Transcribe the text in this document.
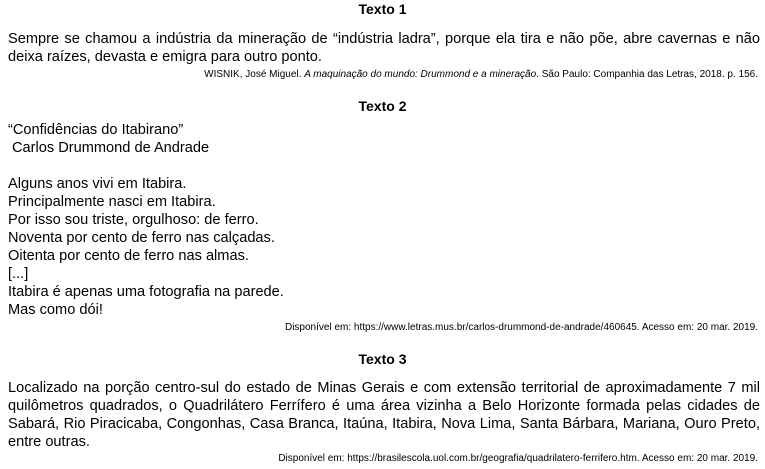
Texto 1
Sempre se chamou a indústria da mineração de “indústria ladra”, porque ela tira e não põe, abre cavernas e não deixa raízes, devasta e emigra para outro ponto.
WISNIK, José Miguel. A maquinação do mundo: Drummond e a mineração. São Paulo: Companhia das Letras, 2018. p. 156.
Texto 2
“Confidências do Itabirano”
Carlos Drummond de Andrade
Alguns anos vivi em Itabira.
Principalmente nasci em Itabira.
Por isso sou triste, orgulhoso: de ferro.
Noventa por cento de ferro nas calçadas.
Oitenta por cento de ferro nas almas.
[...]
Itabira é apenas uma fotografia na parede.
Mas como dói!
Disponível em: https://www.letras.mus.br/carlos-drummond-de-andrade/460645. Acesso em: 20 mar. 2019.
Texto 3
Localizado na porção centro-sul do estado de Minas Gerais e com extensão territorial de aproximadamente 7 mil quilômetros quadrados, o Quadrilátero Ferrífero é uma área vizinha a Belo Horizonte formada pelas cidades de Sabará, Rio Piracicaba, Congonhas, Casa Branca, Itaúna, Itabira, Nova Lima, Santa Bárbara, Mariana, Ouro Preto, entre outras.
Disponível em: https://brasilescola.uol.com.br/geografia/quadrilatero-ferrifero.htm. Acesso em: 20 mar. 2019.
